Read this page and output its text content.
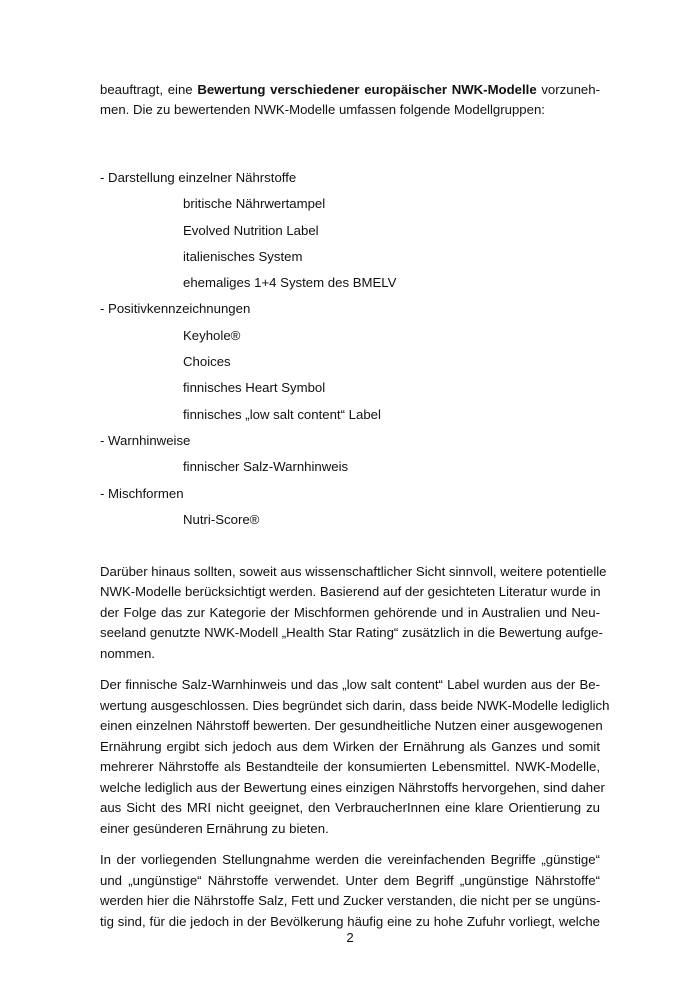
beauftragt, eine Bewertung verschiedener europäischer NWK-Modelle vorzuneh-
men. Die zu bewertenden NWK-Modelle umfassen folgende Modellgruppen:
- Darstellung einzelner Nährstoffe
britische Nährwertampel
Evolved Nutrition Label
italienisches System
ehemaliges 1+4 System des BMELV
- Positivkennzeichnungen
Keyhole®
Choices
finnisches Heart Symbol
finnisches „low salt content“ Label
- Warnhinweise
finnischer Salz-Warnhinweis
- Mischformen
Nutri-Score®
Darüber hinaus sollten, soweit aus wissenschaftlicher Sicht sinnvoll, weitere potentielle
NWK-Modelle berücksichtigt werden. Basierend auf der gesichteten Literatur wurde in
der Folge das zur Kategorie der Mischformen gehörende und in Australien und Neu-
seeland genutzte NWK-Modell „Health Star Rating“ zusätzlich in die Bewertung aufge-
nommen.
Der finnische Salz-Warnhinweis und das „low salt content“ Label wurden aus der Be-
wertung ausgeschlossen. Dies begründet sich darin, dass beide NWK-Modelle lediglich
einen einzelnen Nährstoff bewerten. Der gesundheitliche Nutzen einer ausgewogenen
Ernährung ergibt sich jedoch aus dem Wirken der Ernährung als Ganzes und somit
mehrerer Nährstoffe als Bestandteile der konsumierten Lebensmittel. NWK-Modelle,
welche lediglich aus der Bewertung eines einzigen Nährstoffs hervorgehen, sind daher
aus Sicht des MRI nicht geeignet, den VerbraucherInnen eine klare Orientierung zu
einer gesünderen Ernährung zu bieten.
In der vorliegenden Stellungnahme werden die vereinfachenden Begriffe „günstige“
und „ungünstige“ Nährstoffe verwendet. Unter dem Begriff „ungünstige Nährstoffe“
werden hier die Nährstoffe Salz, Fett und Zucker verstanden, die nicht per se ungüns-
tig sind, für die jedoch in der Bevölkerung häufig eine zu hohe Zufuhr vorliegt, welche
2
